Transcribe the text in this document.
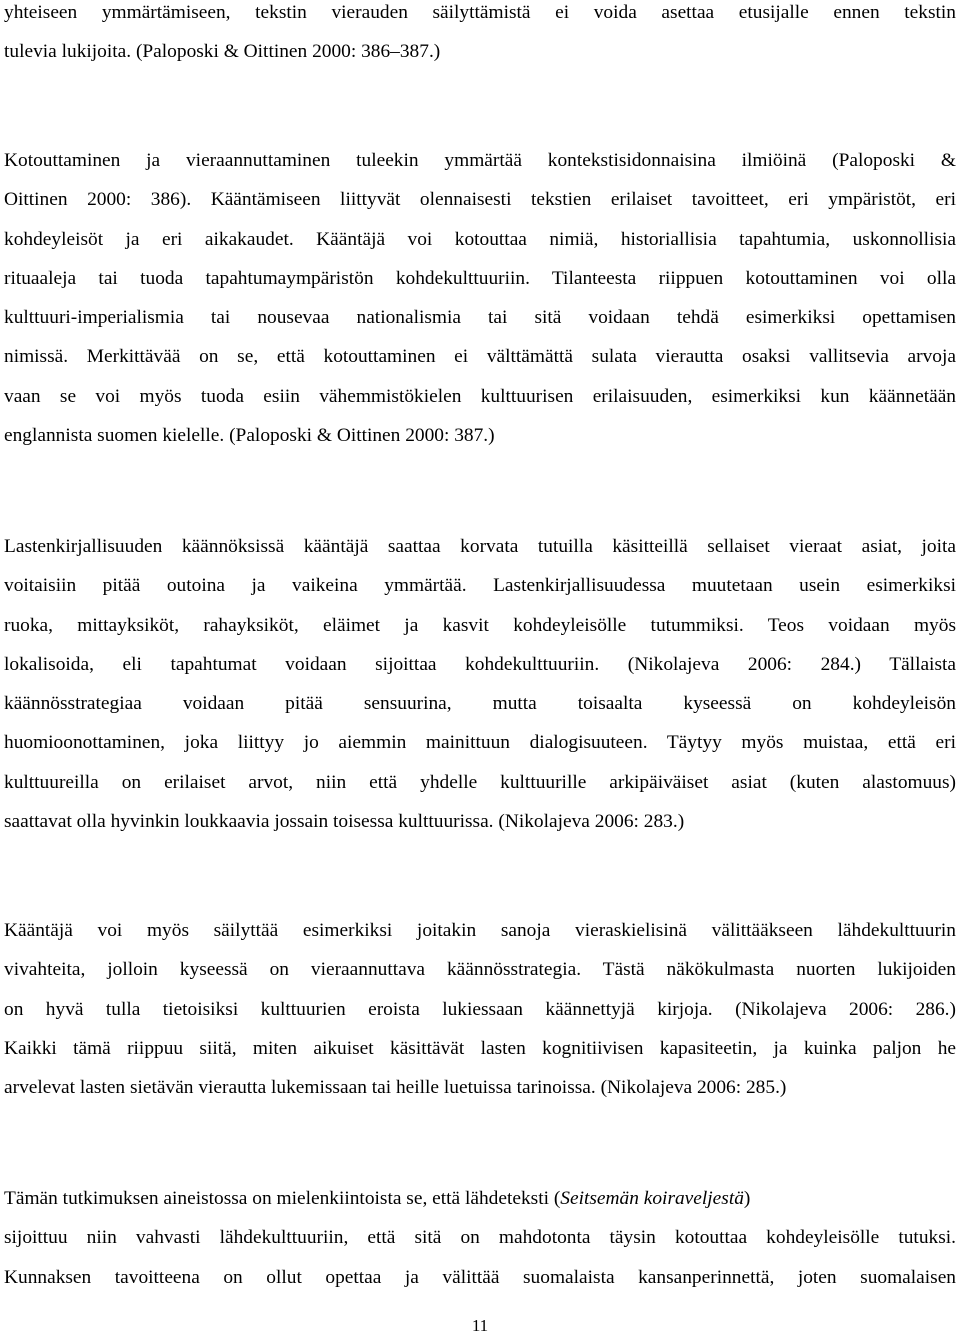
yhteiseen ymmärtämiseen, tekstin vierauden säilyttämistä ei voida asettaa etusijalle ennen tekstin
tulevia lukijoita. (Paloposki & Oittinen 2000: 386–387.)

Kotouttaminen ja vieraannuttaminen tuleekin ymmärtää kontekstisidonnaisina ilmiöinä (Paloposki &
Oittinen 2000: 386). Kääntämiseen liittyvät olennaisesti tekstien erilaiset tavoitteet, eri ympäristöt, eri
kohdeyleisöt ja eri aikakaudet. Kääntäjä voi kotouttaa nimiä, historiallisia tapahtumia, uskonnollisia
rituaaleja tai tuoda tapahtumaympäristön kohdekulttuuriin. Tilanteesta riippuen kotouttaminen voi olla
kulttuuri-imperialismia tai nousevaa nationalismia tai sitä voidaan tehdä esimerkiksi opettamisen
nimissä. Merkittävää on se, että kotouttaminen ei välttämättä sulata vierautta osaksi vallitsevia arvoja
vaan se voi myös tuoda esiin vähemmistökielen kulttuurisen erilaisuuden, esimerkiksi kun käännetään
englannista suomen kielelle. (Paloposki & Oittinen 2000: 387.)

Lastenkirjallisuuden käännöksissä kääntäjä saattaa korvata tutuilla käsitteillä sellaiset vieraat asiat, joita
voitaisiin pitää outoina ja vaikeina ymmärtää. Lastenkirjallisuudessa muutetaan usein esimerkiksi
ruoka, mittayksiköt, rahayksiköt, eläimet ja kasvit kohdeyleisölle tutummiksi. Teos voidaan myös
lokalisoida, eli tapahtumat voidaan sijoittaa kohdekulttuuriin. (Nikolajeva 2006: 284.) Tällaista
käännösstrategiaa voidaan pitää sensuurina, mutta toisaalta kyseessä on kohdeyleisön
huomioonottaminen, joka liittyy jo aiemmin mainittuun dialogisuuteen. Täytyy myös muistaa, että eri
kulttuureilla on erilaiset arvot, niin että yhdelle kulttuurille arkipäiväiset asiat (kuten alastomuus)
saattavat olla hyvinkin loukkaavia jossain toisessa kulttuurissa. (Nikolajeva 2006: 283.)

Kääntäjä voi myös säilyttää esimerkiksi joitakin sanoja vieraskielisinä välittääkseen lähdekulttuurin
vivahteita, jolloin kyseessä on vieraannuttava käännösstrategia. Tästä näkökulmasta nuorten lukijoiden
on hyvä tulla tietoisiksi kulttuurien eroista lukiessaan käännettyjä kirjoja. (Nikolajeva 2006: 286.)
Kaikki tämä riippuu siitä, miten aikuiset käsittävät lasten kognitiivisen kapasiteetin, ja kuinka paljon he
arvelevat lasten sietävän vierautta lukemissaan tai heille luetuissa tarinoissa. (Nikolajeva 2006: 285.)

Tämän tutkimuksen aineistossa on mielenkiintoista se, että lähdeteksti (Seitsemän koiraveljestä)
sijoittuu niin vahvasti lähdekulttuuriin, että sitä on mahdotonta täysin kotouttaa kohdeyleisölle tutuksi.
Kunnaksen tavoitteena on ollut opettaa ja välittää suomalaista kansanperinnettä, joten suomalaisen

11
